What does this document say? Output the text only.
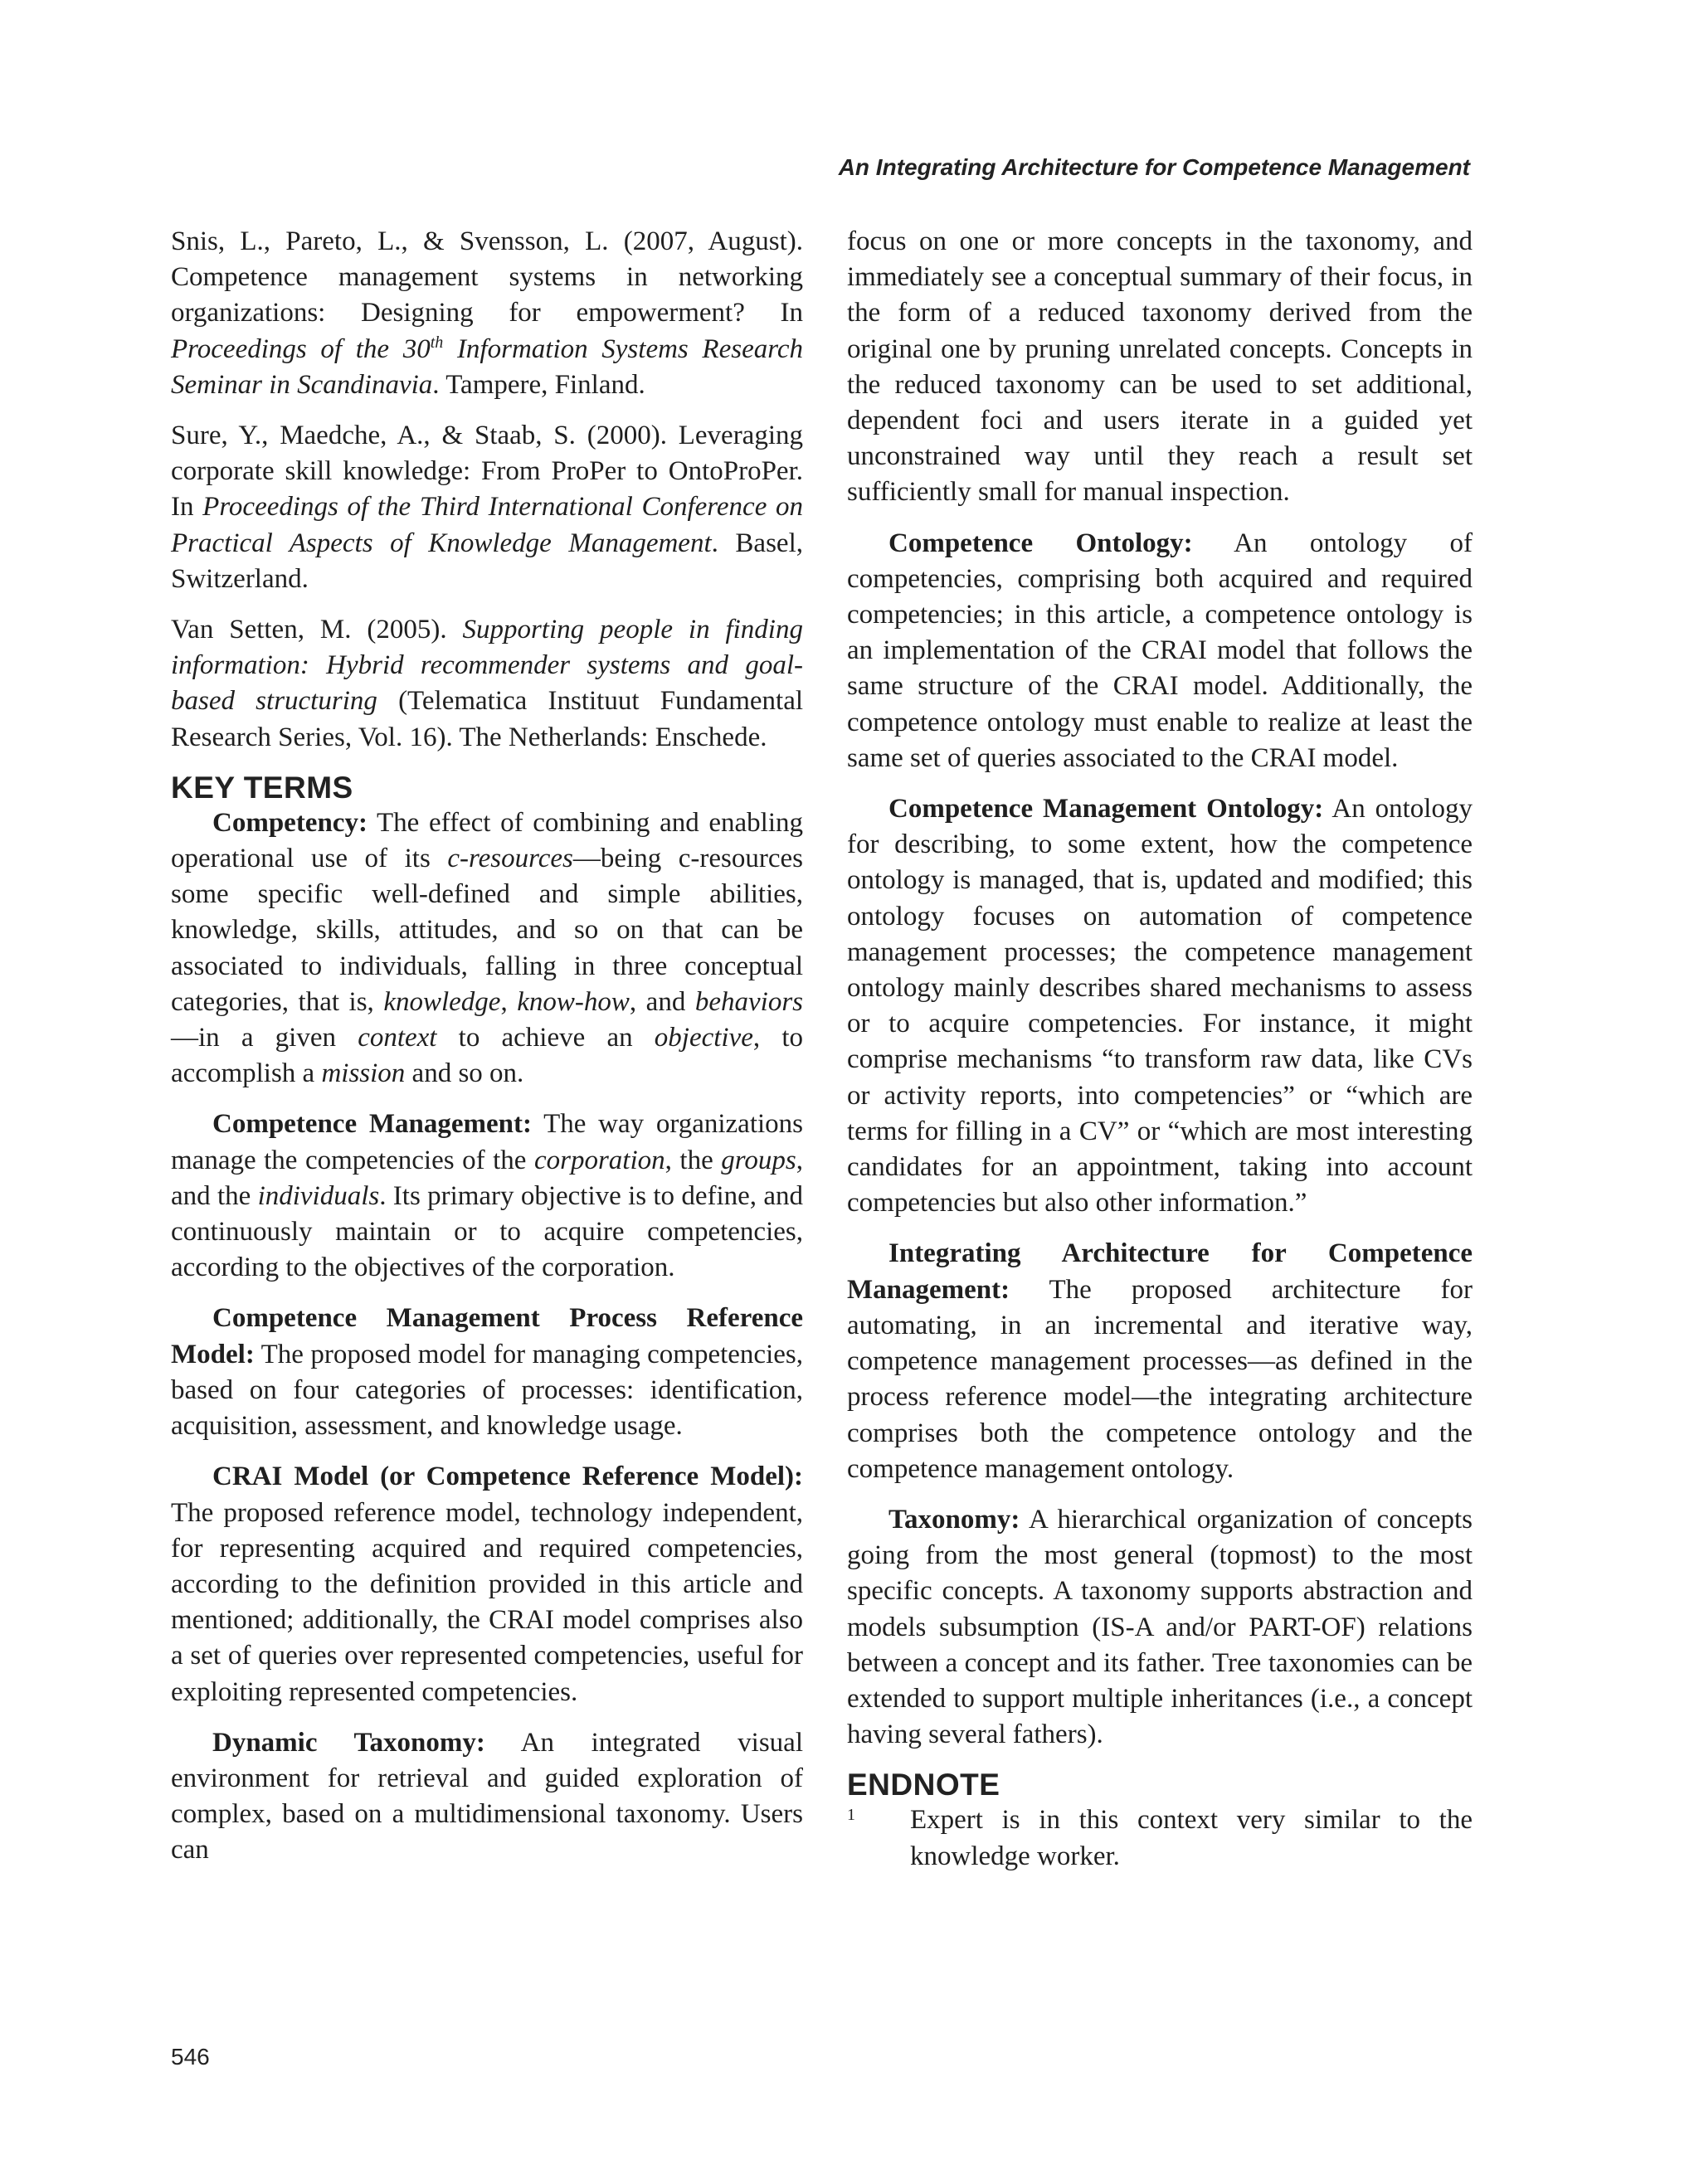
An Integrating Architecture for Competence Management

Snis, L., Pareto, L., & Svensson, L. (2007, August). Competence management systems in networking organizations: Designing for empowerment? In Proceedings of the 30th Information Systems Research Seminar in Scandinavia. Tampere, Finland.

Sure, Y., Maedche, A., & Staab, S. (2000). Leveraging corporate skill knowledge: From ProPer to OntoProPer. In Proceedings of the Third International Conference on Practical Aspects of Knowledge Management. Basel, Switzerland.

Van Setten, M. (2005). Supporting people in finding information: Hybrid recommender systems and goal-based structuring (Telematica Instituut Fundamental Research Series, Vol. 16). The Netherlands: Enschede.

KEY TERMS

Competency: The effect of combining and enabling operational use of its c-resources—being c-resources some specific well-defined and simple abilities, knowledge, skills, attitudes, and so on that can be associated to individuals, falling in three conceptual categories, that is, knowledge, know-how, and behaviors—in a given context to achieve an objective, to accomplish a mission and so on.

Competence Management: The way organizations manage the competencies of the corporation, the groups, and the individuals. Its primary objective is to define, and continuously maintain or to acquire competencies, according to the objectives of the corporation.

Competence Management Process Reference Model: The proposed model for managing competencies, based on four categories of processes: identification, acquisition, assessment, and knowledge usage.

CRAI Model (or Competence Reference Model): The proposed reference model, technology independent, for representing acquired and required competencies, according to the definition provided in this article and mentioned; additionally, the CRAI model comprises also a set of queries over represented competencies, useful for exploiting represented competencies.

Dynamic Taxonomy: An integrated visual environment for retrieval and guided exploration of complex, based on a multidimensional taxonomy. Users can

focus on one or more concepts in the taxonomy, and immediately see a conceptual summary of their focus, in the form of a reduced taxonomy derived from the original one by pruning unrelated concepts. Concepts in the reduced taxonomy can be used to set additional, dependent foci and users iterate in a guided yet unconstrained way until they reach a result set sufficiently small for manual inspection.

Competence Ontology: An ontology of competencies, comprising both acquired and required competencies; in this article, a competence ontology is an implementation of the CRAI model that follows the same structure of the CRAI model. Additionally, the competence ontology must enable to realize at least the same set of queries associated to the CRAI model.

Competence Management Ontology: An ontology for describing, to some extent, how the competence ontology is managed, that is, updated and modified; this ontology focuses on automation of competence management processes; the competence management ontology mainly describes shared mechanisms to assess or to acquire competencies. For instance, it might comprise mechanisms “to transform raw data, like CVs or activity reports, into competencies” or “which are terms for filling in a CV” or “which are most interesting candidates for an appointment, taking into account competencies but also other information.”

Integrating Architecture for Competence Management: The proposed architecture for automating, in an incremental and iterative way, competence management processes—as defined in the process reference model—the integrating architecture comprises both the competence ontology and the competence management ontology.

Taxonomy: A hierarchical organization of concepts going from the most general (topmost) to the most specific concepts. A taxonomy supports abstraction and models subsumption (IS-A and/or PART-OF) relations between a concept and its father. Tree taxonomies can be extended to support multiple inheritances (i.e., a concept having several fathers).

ENDNOTE
1	Expert is in this context very similar to the knowledge worker.

546
